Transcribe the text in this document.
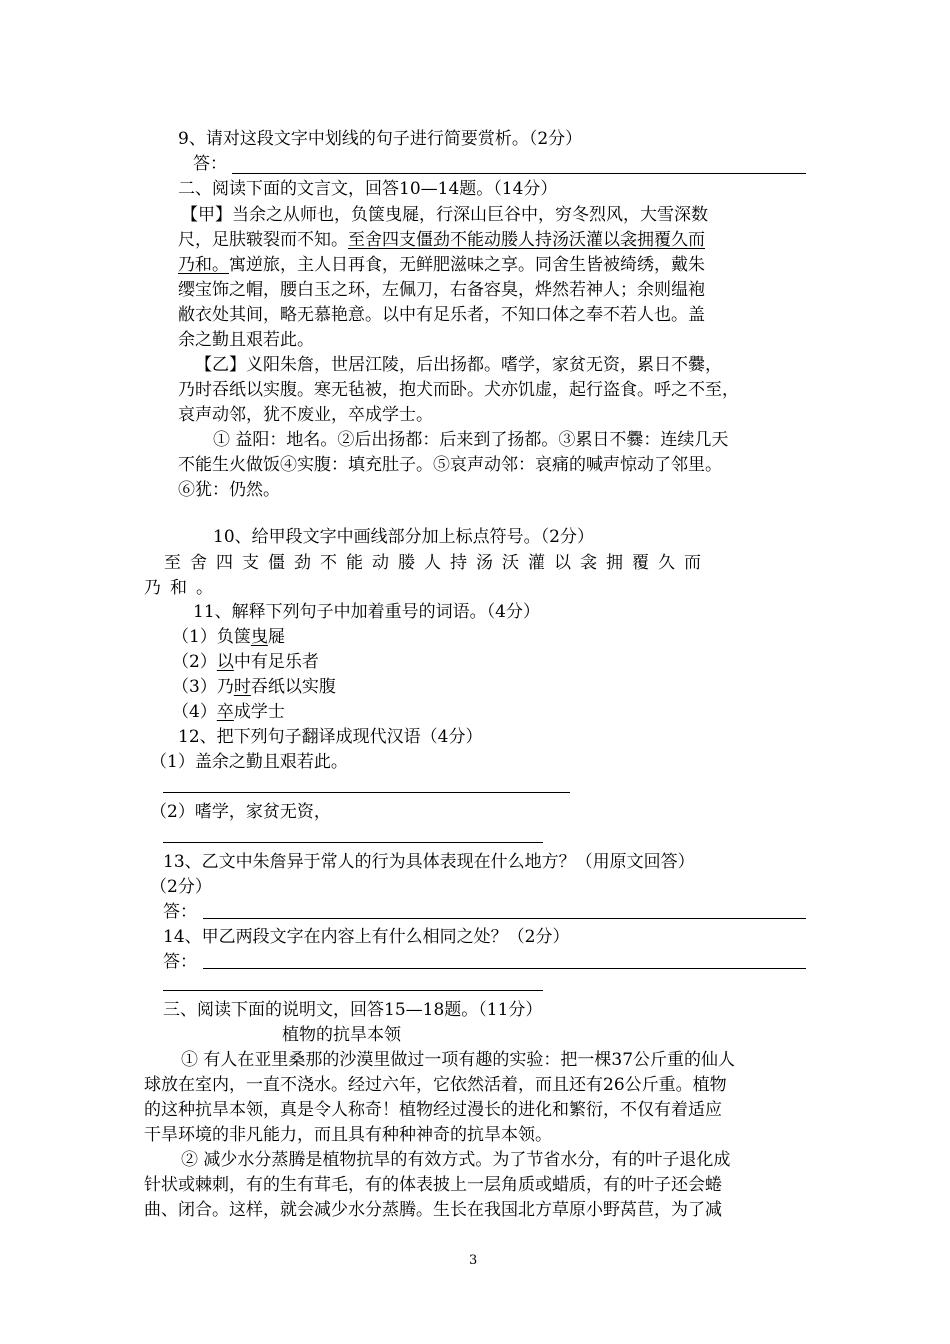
9、请对这段文字中划线的句子进行简要赏析。（2分）
答：
二、阅读下面的文言文，回答10—14题。（14分）
【甲】当余之从师也，负箧曳屣，行深山巨谷中，穷冬烈风，大雪深数
尺，足肤皲裂而不知。至舍四支僵劲不能动媵人持汤沃灌以衾拥覆久而
乃和。寓逆旅，主人日再食，无鲜肥滋味之享。同舍生皆被绮绣，戴朱
缨宝饰之帽，腰白玉之环，左佩刀，右备容臭，烨然若神人；余则缊袍
敝衣处其间，略无慕艳意。以中有足乐者，不知口体之奉不若人也。盖
余之勤且艰若此。
【乙】义阳朱詹，世居江陵，后出扬都。嗜学，家贫无资，累日不爨，
乃时吞纸以实腹。寒无毡被，抱犬而卧。犬亦饥虚，起行盗食。呼之不至，
哀声动邻，犹不废业，卒成学士。
① 益阳：地名。②后出扬都：后来到了扬都。③累日不爨：连续几天
不能生火做饭④实腹：填充肚子。⑤哀声动邻：哀痛的喊声惊动了邻里。
⑥犹：仍然。
10、给甲段文字中画线部分加上标点符号。（2分）
至舍四支僵劲不能动媵人持汤沃灌以衾拥覆久而
乃和。
11、解释下列句子中加着重号的词语。（4分）
（1）负箧曳屣
（2）以中有足乐者
（3）乃时吞纸以实腹
（4）卒成学士
12、把下列句子翻译成现代汉语（4分）
（1）盖余之勤且艰若此。
（2）嗜学，家贫无资，
13、乙文中朱詹异于常人的行为具体表现在什么地方？（用原文回答）
（2分）
答：
14、甲乙两段文字在内容上有什么相同之处？（2分）
答：
三、阅读下面的说明文，回答15—18题。（11分）
植物的抗旱本领
① 有人在亚里桑那的沙漠里做过一项有趣的实验：把一棵37公斤重的仙人
球放在室内，一直不浇水。经过六年，它依然活着，而且还有26公斤重。植物
的这种抗旱本领，真是令人称奇！植物经过漫长的进化和繁衍，不仅有着适应
干旱环境的非凡能力，而且具有种种神奇的抗旱本领。
② 减少水分蒸腾是植物抗旱的有效方式。为了节省水分，有的叶子退化成
针状或棘刺，有的生有茸毛，有的体表披上一层角质或蜡质，有的叶子还会蜷
曲、闭合。这样，就会减少水分蒸腾。生长在我国北方草原小野莴苣，为了减
3
